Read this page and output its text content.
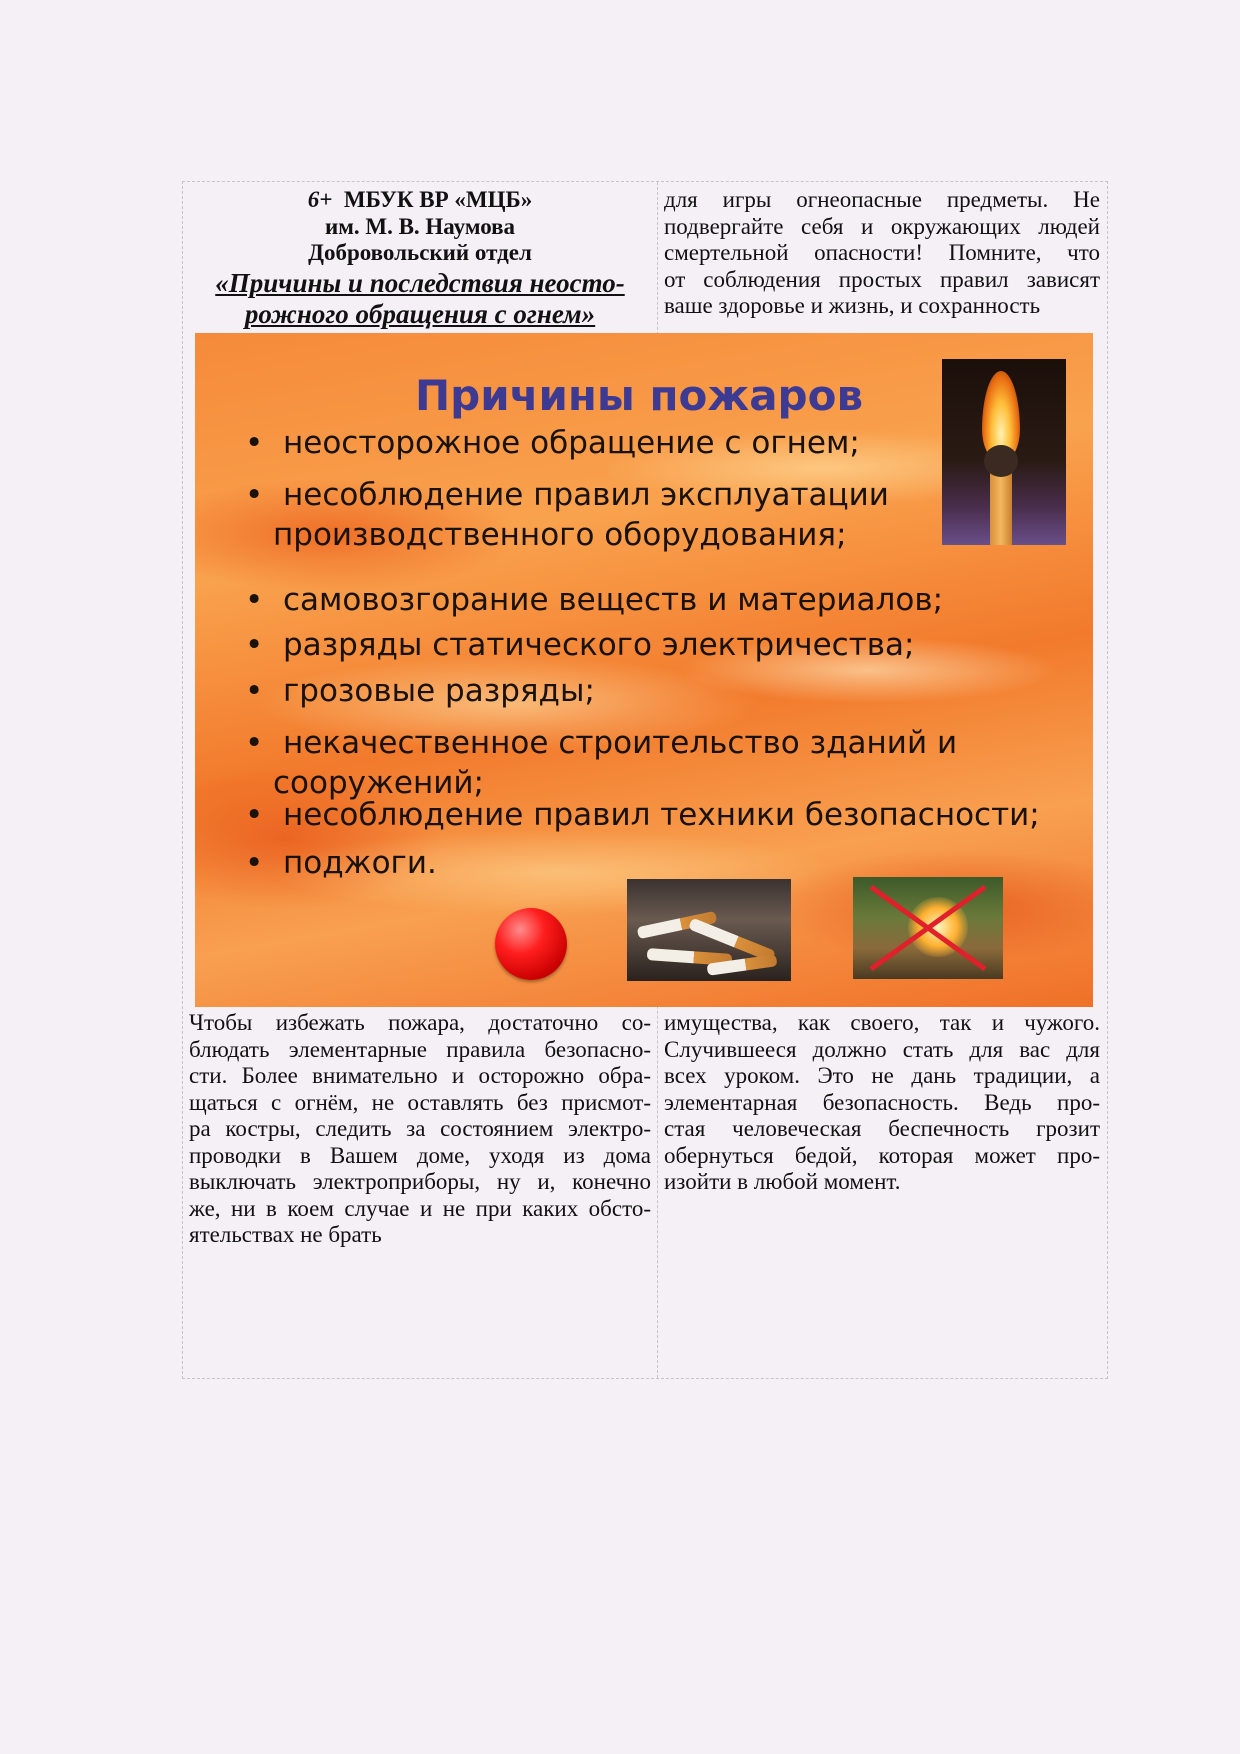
6+ МБУК ВР «МЦБ»
им. М. В. Наумова
Добровольский отдел
«Причины и последствия неосто-
рожного обращения с огнем»
для игры огнеопасные предметы. Не
подвергайте себя и окружающих людей
смертельной опасности! Помните, что
от соблюдения простых правил зависят
ваше здоровье и жизнь, и сохранность
Чтобы избежать пожара, достаточно со-
блюдать элементарные правила безопасно-
сти. Более внимательно и осторожно обра-
щаться с огнём, не оставлять без присмот-
ра костры, следить за состоянием электро-
проводки в Вашем доме, уходя из дома
выключать электроприборы, ну и, конечно
же, ни в коем случае и не при каких обсто-
ятельствах не брать
имущества, как своего, так и чужого.
Случившееся должно стать для вас для
всех уроком. Это не дань традиции, а
элементарная безопасность. Ведь про-
стая человеческая беспечность грозит
обернуться бедой, которая может про-
изойти в любой момент.
Причины пожаров
• неосторожное обращение с огнем;
• несоблюдение правил эксплуатации
производственного оборудования;
• самовозгорание веществ и материалов;
• разряды статического электричества;
• грозовые разряды;
• некачественное строительство зданий и
сооружений;
• несоблюдение правил техники безопасности;
• поджоги.
